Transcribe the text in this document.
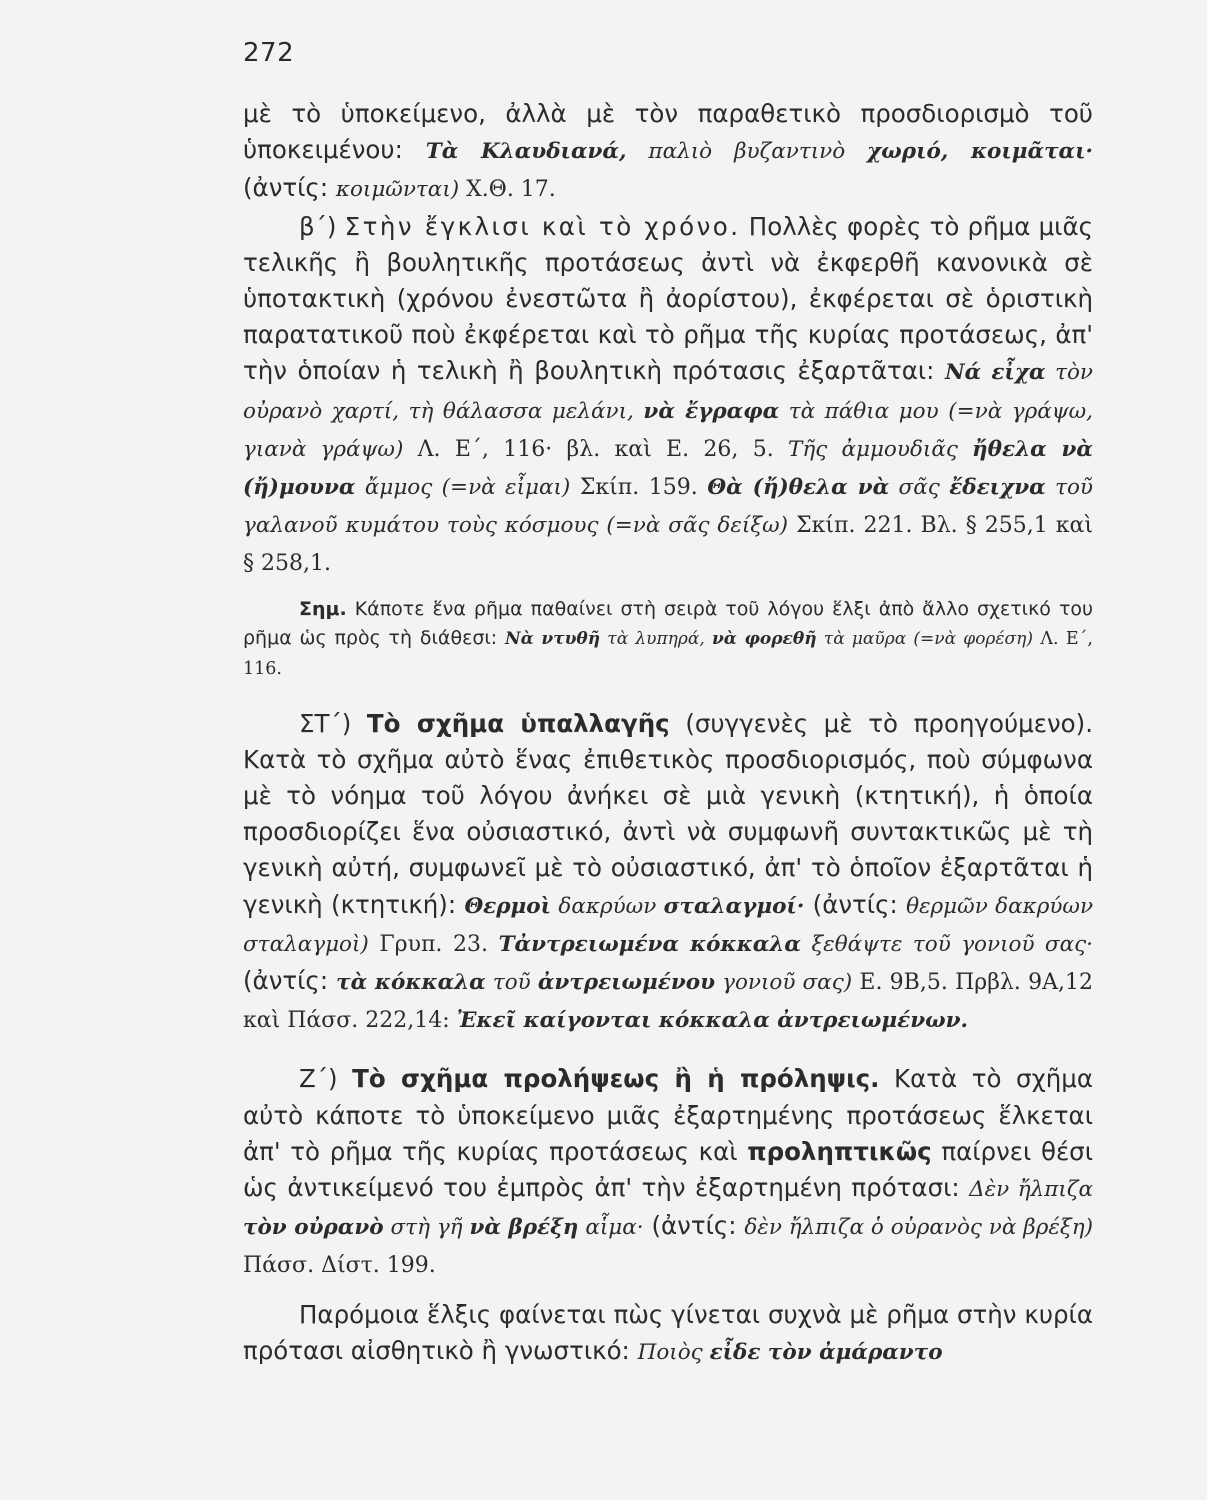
272

μὲ τὸ ὑποκείμενο, ἀλλὰ μὲ τὸν παραθετικὸ προσδιορισμὸ τοῦ ὑποκειμένου: Τὰ Κλαυδιανά, παλιὸ βυζαντινὸ χωριό, κοιμᾶται· (ἀντίς: κοιμῶνται) Χ.Θ. 17.

β΄) Στὴν ἔγκλισι καὶ τὸ χρόνο. Πολλὲς φορὲς τὸ ρῆμα μιᾶς τελικῆς ἢ βουλητικῆς προτάσεως ἀντὶ νὰ ἐκφερθῆ κανονικὰ σὲ ὑποτακτικὴ (χρόνου ἐνεστῶτα ἢ ἀορίστου), ἐκφέρεται σὲ ὁριστικὴ παρατατικοῦ ποὺ ἐκφέρεται καὶ τὸ ρῆμα τῆς κυρίας προτάσεως, ἀπ' τὴν ὁποίαν ἡ τελικὴ ἢ βουλητικὴ πρότασις ἐξαρτᾶται: Νά εἶχα τὸν οὐρανὸ χαρτί, τὴ θάλασσα μελάνι, νὰ ἔγραφα τὰ πάθια μου (=νὰ γράψω, γιανὰ γράψω) Λ. Ε΄, 116· βλ. καὶ Ε. 26, 5. Τῆς ἀμμουδιᾶς ἤθελα νὰ (ἤ)μουνα ἄμμος (=νὰ εἶμαι) Σκίπ. 159. Θὰ (ἤ)θελα νὰ σᾶς ἔδειχνα τοῦ γαλανοῦ κυμάτου τοὺς κόσμους (=νὰ σᾶς δείξω) Σκίπ. 221. Βλ. § 255,1 καὶ § 258,1.

Σημ. Κάποτε ἕνα ρῆμα παθαίνει στὴ σειρὰ τοῦ λόγου ἕλξι ἀπὸ ἄλλο σχετικό του ρῆμα ὡς πρὸς τὴ διάθεσι: Νὰ ντυθῆ τὰ λυπηρά, νὰ φορεθῆ τὰ μαῦρα (=νὰ φορέση) Λ. Ε΄, 116.

ΣΤ΄) Τὸ σχῆμα ὑπαλλαγῆς (συγγενὲς μὲ τὸ προηγούμενο). Κατὰ τὸ σχῆμα αὐτὸ ἕνας ἐπιθετικὸς προσδιορισμός, ποὺ σύμφωνα μὲ τὸ νόημα τοῦ λόγου ἀνήκει σὲ μιὰ γενικὴ (κτητική), ἡ ὁποία προσδιορίζει ἕνα οὐσιαστικό, ἀντὶ νὰ συμφωνῆ συντακτικῶς μὲ τὴ γενικὴ αὐτή, συμφωνεῖ μὲ τὸ οὐσιαστικό, ἀπ' τὸ ὁποῖον ἐξαρτᾶται ἡ γενικὴ (κτητική): Θερμοὶ δακρύων σταλαγμοί· (ἀντίς: θερμῶν δακρύων σταλαγμοὶ) Γρυπ. 23. Τἀντρειωμένα κόκκαλα ξεθάψτε τοῦ γονιοῦ σας· (ἀντίς: τὰ κόκκαλα τοῦ ἀντρειωμένου γονιοῦ σας) Ε. 9Β,5. Πρβλ. 9Α,12 καὶ Πάσσ. 222,14: Ἐκεῖ καίγονται κόκκαλα ἀντρειωμένων.

Ζ΄) Τὸ σχῆμα προλήψεως ἢ ἡ πρόληψις. Κατὰ τὸ σχῆμα αὐτὸ κάποτε τὸ ὑποκείμενο μιᾶς ἐξαρτημένης προτάσεως ἕλκεται ἀπ' τὸ ρῆμα τῆς κυρίας προτάσεως καὶ προληπτικῶς παίρνει θέσι ὡς ἀντικείμενό του ἐμπρὸς ἀπ' τὴν ἐξαρτημένη πρότασι: Δὲν ἤλπιζα τὸν οὐρανὸ στὴ γῆ νὰ βρέξη αἷμα· (ἀντίς: δὲν ἤλπιζα ὁ οὐρανὸς νὰ βρέξη) Πάσσ. Δίστ. 199.

Παρόμοια ἕλξις φαίνεται πὼς γίνεται συχνὰ μὲ ρῆμα στὴν κυρία πρότασι αἰσθητικὸ ἢ γνωστικό: Ποιὸς εἶδε τὸν ἀμάραντο
